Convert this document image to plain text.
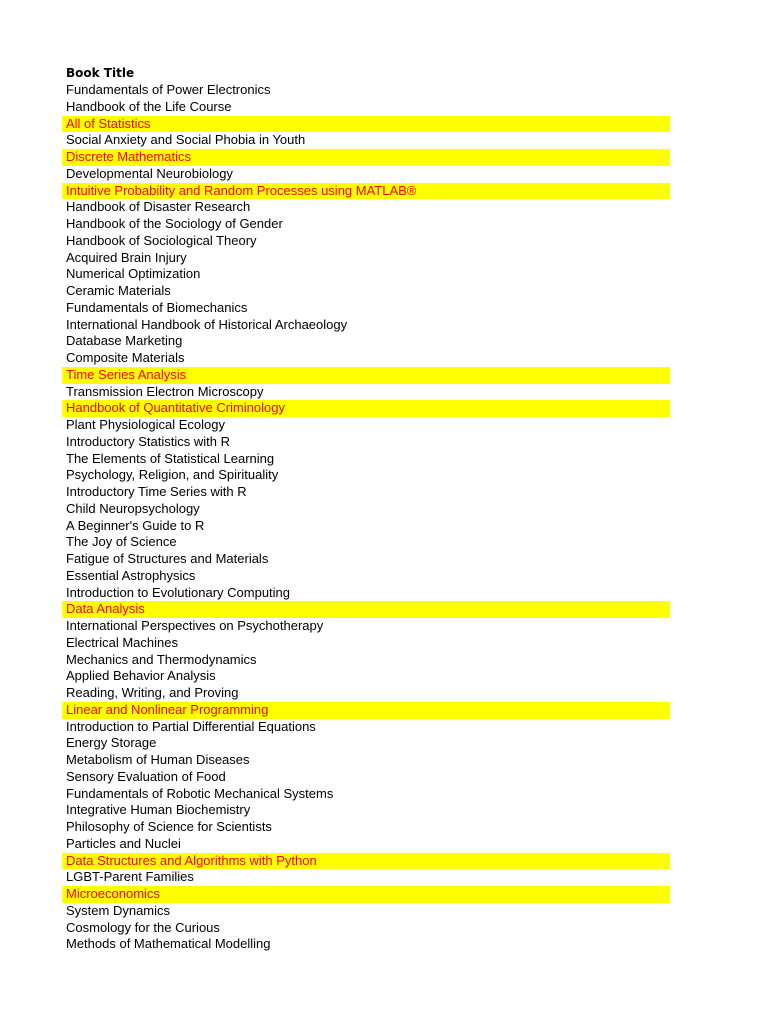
Book Title
Fundamentals of Power Electronics
Handbook of the Life Course
All of Statistics
Social Anxiety and Social Phobia in Youth
Discrete Mathematics
Developmental Neurobiology
Intuitive Probability and Random Processes using MATLAB®
Handbook of Disaster Research
Handbook of the Sociology of Gender
Handbook of Sociological Theory
Acquired Brain Injury
Numerical Optimization
Ceramic Materials
Fundamentals of Biomechanics
International Handbook of Historical Archaeology
Database Marketing
Composite Materials
Time Series Analysis
Transmission Electron Microscopy
Handbook of Quantitative Criminology
Plant Physiological Ecology
Introductory Statistics with R
The Elements of Statistical Learning
Psychology, Religion, and Spirituality
Introductory Time Series with R
Child Neuropsychology
A Beginner's Guide to R
The Joy of Science
Fatigue of Structures and Materials
Essential Astrophysics
Introduction to Evolutionary Computing
Data Analysis
International Perspectives on Psychotherapy
Electrical Machines
Mechanics and Thermodynamics
Applied Behavior Analysis
Reading, Writing, and Proving
Linear and Nonlinear Programming
Introduction to Partial Differential Equations
Energy Storage
Metabolism of Human Diseases
Sensory Evaluation of Food
Fundamentals of Robotic Mechanical Systems
Integrative Human Biochemistry
Philosophy of Science for Scientists
Particles and Nuclei
Data Structures and Algorithms with Python
LGBT-Parent Families
Microeconomics
System Dynamics
Cosmology for the Curious
Methods of Mathematical Modelling
